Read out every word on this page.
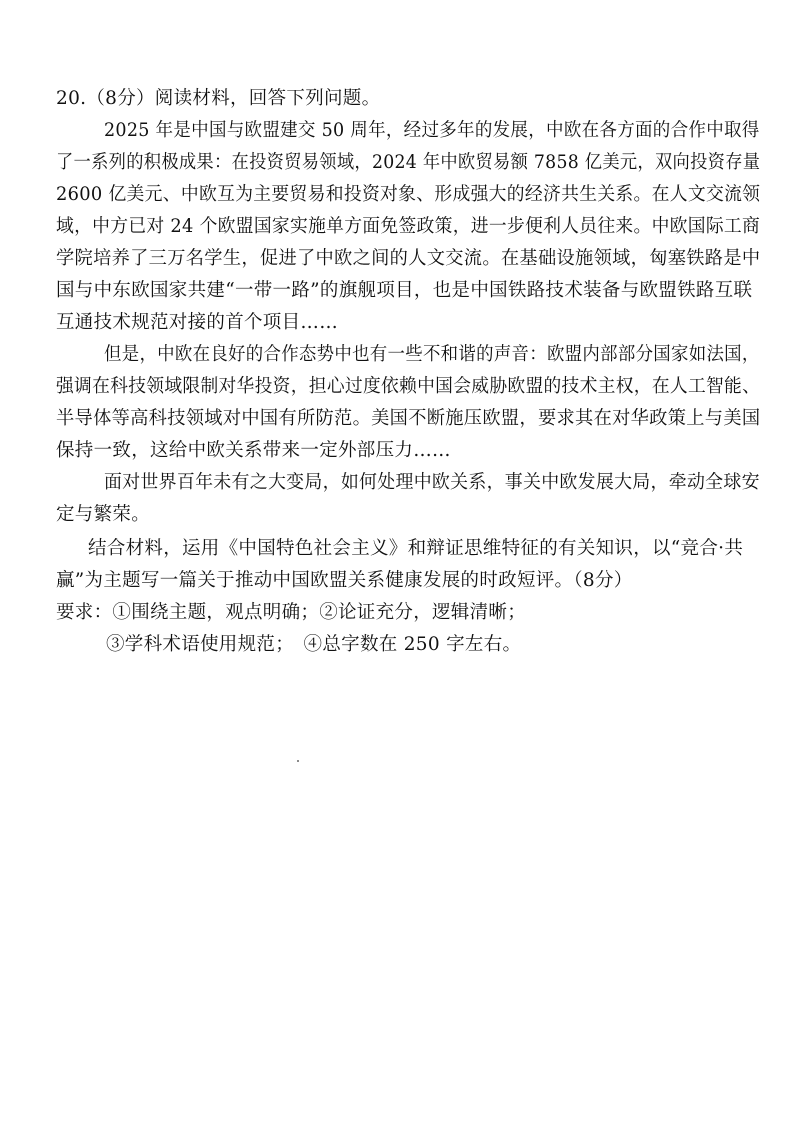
20.（8分）阅读材料，回答下列问题。
2025 年是中国与欧盟建交 50 周年，经过多年的发展，中欧在各方面的合作中取得
了一系列的积极成果：在投资贸易领域，2024 年中欧贸易额 7858 亿美元，双向投资存量
2600 亿美元、中欧互为主要贸易和投资对象、形成强大的经济共生关系。在人文交流领
域，中方已对 24 个欧盟国家实施单方面免签政策，进一步便利人员往来。中欧国际工商
学院培养了三万名学生，促进了中欧之间的人文交流。在基础设施领域，匈塞铁路是中
国与中东欧国家共建“一带一路”的旗舰项目，也是中国铁路技术装备与欧盟铁路互联
互通技术规范对接的首个项目……
但是，中欧在良好的合作态势中也有一些不和谐的声音：欧盟内部部分国家如法国，
强调在科技领域限制对华投资，担心过度依赖中国会威胁欧盟的技术主权，在人工智能、
半导体等高科技领域对中国有所防范。美国不断施压欧盟，要求其在对华政策上与美国
保持一致，这给中欧关系带来一定外部压力……
面对世界百年未有之大变局，如何处理中欧关系，事关中欧发展大局，牵动全球安
定与繁荣。
结合材料，运用《中国特色社会主义》和辩证思维特征的有关知识，以“竞合·共
赢”为主题写一篇关于推动中国欧盟关系健康发展的时政短评。（8分）
要求：①围绕主题，观点明确；②论证充分，逻辑清晰；
③学科术语使用规范；　④总字数在 250 字左右。
